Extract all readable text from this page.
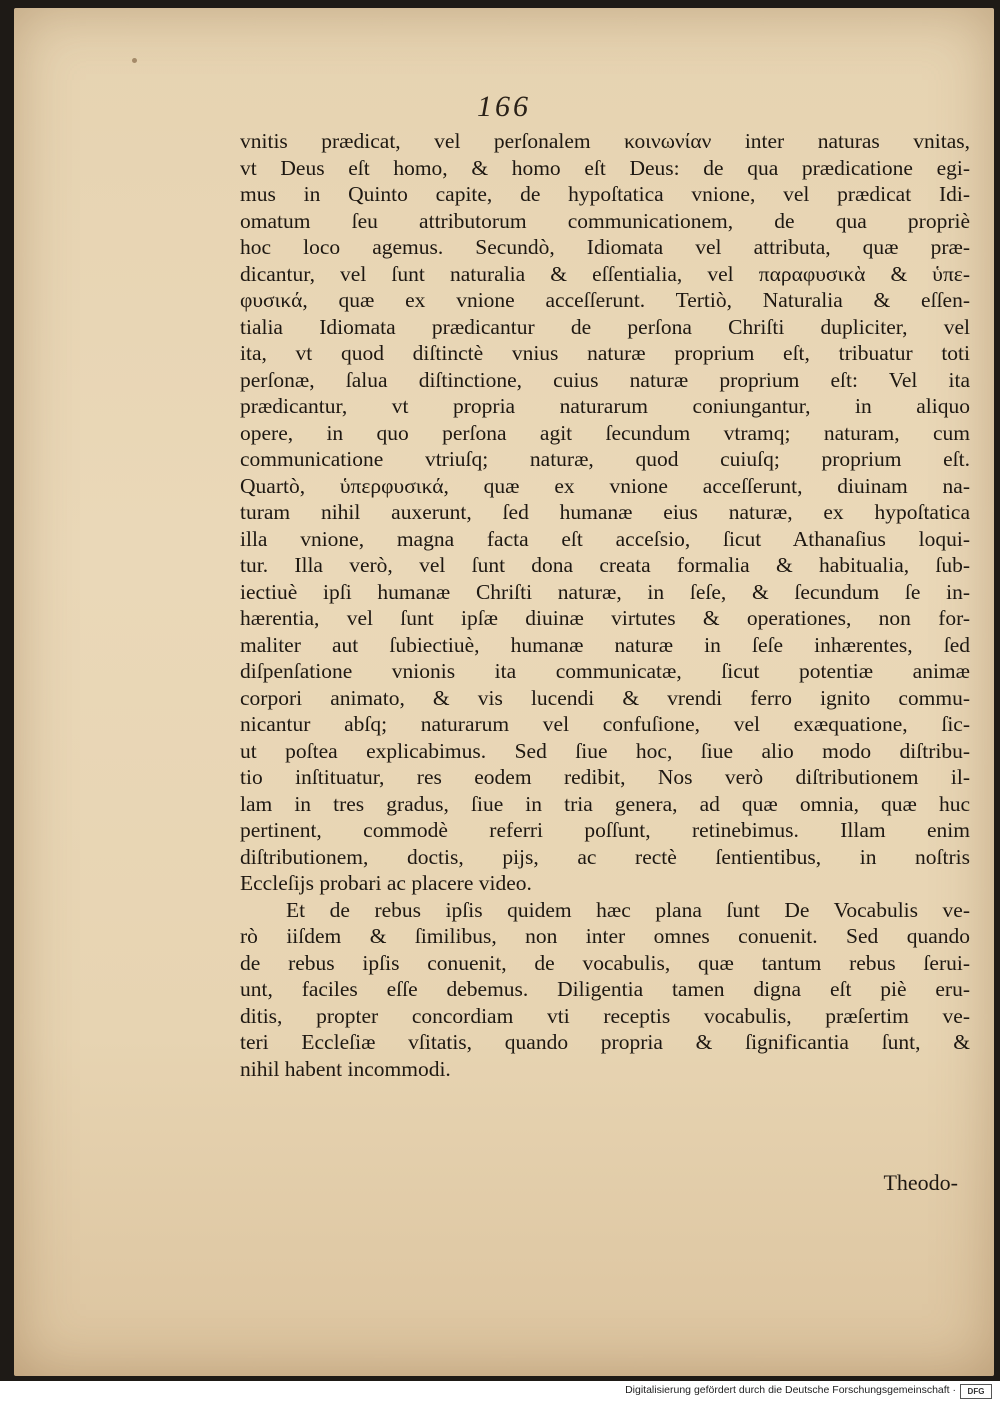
166
vnitis prædicat, vel perſonalem κοινωνίαν inter naturas vnitas,
vt Deus eſt homo, & homo eſt Deus: de qua prædicatione egi-
mus in Quinto capite, de hypoſtatica vnione, vel prædicat Idi-
omatum ſeu attributorum communicationem, de qua propriè
hoc loco agemus. Secundò, Idiomata vel attributa, quæ præ-
dicantur, vel ſunt naturalia & eſſentialia, vel παραφυσικὰ & ὑπε-
φυσικά, quæ ex vnione acceſſerunt. Tertiò, Naturalia & eſſen-
tialia Idiomata prædicantur de perſona Chriſti dupliciter, vel
ita, vt quod diſtinctè vnius naturæ proprium eſt, tribuatur toti
perſonæ, ſalua diſtinctione, cuius naturæ proprium eſt: Vel ita
prædicantur, vt propria naturarum coniungantur, in aliquo
opere, in quo perſona agit ſecundum vtramq; naturam, cum
communicatione vtriuſq; naturæ, quod cuiuſq; proprium eſt.
Quartò, ὑπερφυσικά, quæ ex vnione acceſſerunt, diuinam na-
turam nihil auxerunt, ſed humanæ eius naturæ, ex hypoſtatica
illa vnione, magna facta eſt acceſsio, ſicut Athanaſius loqui-
tur. Illa verò, vel ſunt dona creata formalia & habitualia, ſub-
iectiuè ipſi humanæ Chriſti naturæ, in ſeſe, & ſecundum ſe in-
hærentia, vel ſunt ipſæ diuinæ virtutes & operationes, non for-
maliter aut ſubiectiuè, humanæ naturæ in ſeſe inhærentes, ſed
diſpenſatione vnionis ita communicatæ, ſicut potentiæ animæ
corpori animato, & vis lucendi & vrendi ferro ignito commu-
nicantur abſq; naturarum vel confuſione, vel exæquatione, ſic-
ut poſtea explicabimus. Sed ſiue hoc, ſiue alio modo diſtribu-
tio inſtituatur, res eodem redibit, Nos verò diſtributionem il-
lam in tres gradus, ſiue in tria genera, ad quæ omnia, quæ huc
pertinent, commodè referri poſſunt, retinebimus. Illam enim
diſtributionem, doctis, pijs, ac rectè ſentientibus, in noſtris
Eccleſijs probari ac placere video.
Et de rebus ipſis quidem hæc plana ſunt De Vocabulis ve-
rò iiſdem & ſimilibus, non inter omnes conuenit. Sed quando
de rebus ipſis conuenit, de vocabulis, quæ tantum rebus ſerui-
unt, faciles eſſe debemus. Diligentia tamen digna eſt piè eru-
ditis, propter concordiam vti receptis vocabulis, præſertim ve-
teri Eccleſiæ vſitatis, quando propria & ſignificantia ſunt, &
nihil habent incommodi.
Theodo-
Digitalisierung gefördert durch die Deutsche Forschungsgemeinschaft ·	DFG
